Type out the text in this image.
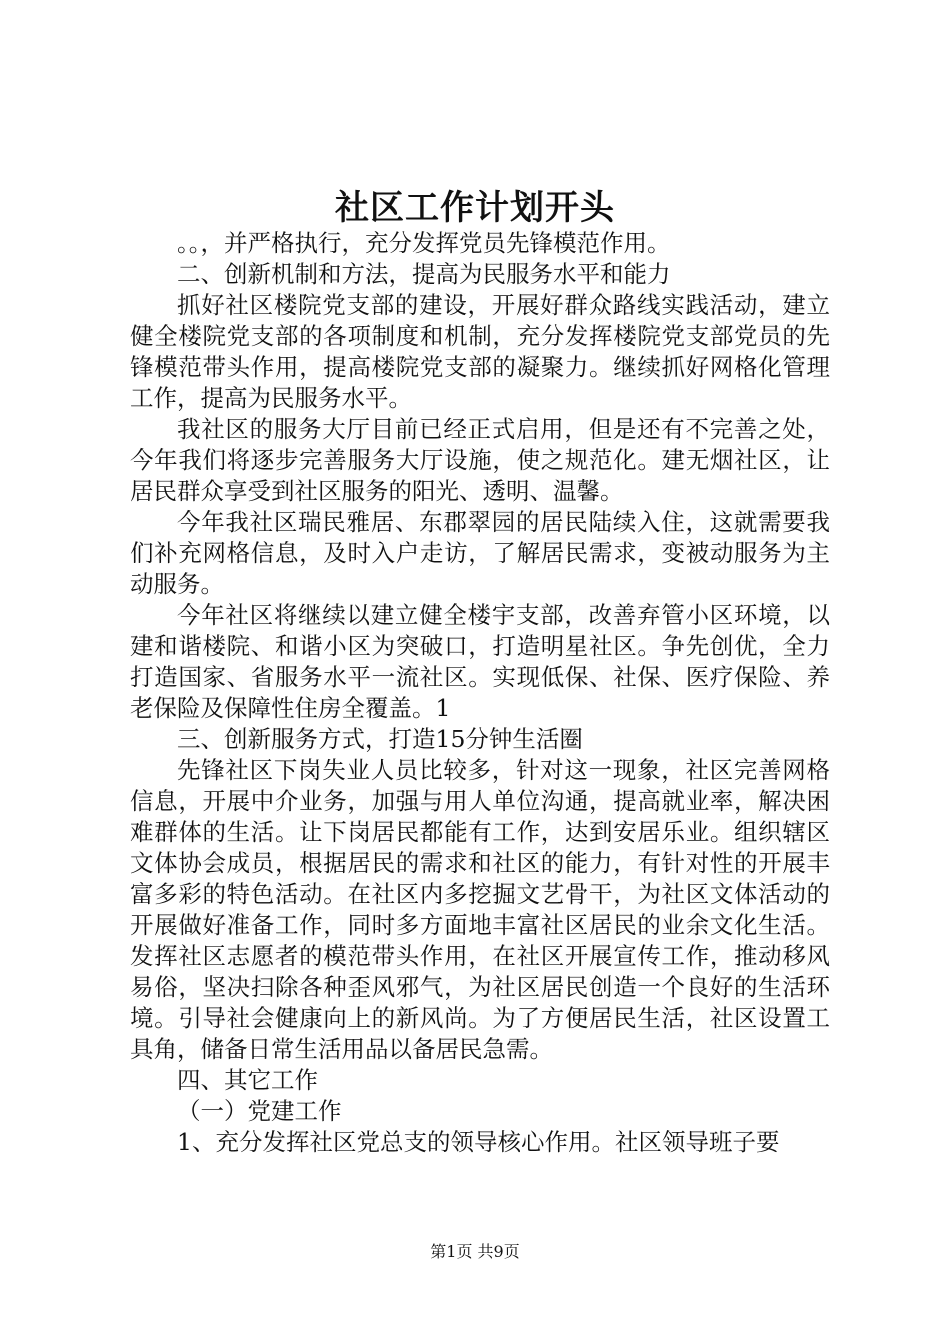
社区工作计划开头

。。，并严格执行，充分发挥党员先锋模范作用。

二、创新机制和方法，提高为民服务水平和能力

抓好社区楼院党支部的建设，开展好群众路线实践活动，建立健全楼院党支部的各项制度和机制，充分发挥楼院党支部党员的先锋模范带头作用，提高楼院党支部的凝聚力。继续抓好网格化管理工作，提高为民服务水平。

我社区的服务大厅目前已经正式启用，但是还有不完善之处，今年我们将逐步完善服务大厅设施，使之规范化。建无烟社区，让居民群众享受到社区服务的阳光、透明、温馨。

今年我社区瑞民雅居、东郡翠园的居民陆续入住，这就需要我们补充网格信息，及时入户走访，了解居民需求，变被动服务为主动服务。

今年社区将继续以建立健全楼宇支部，改善弃管小区环境，以建和谐楼院、和谐小区为突破口，打造明星社区。争先创优，全力打造国家、省服务水平一流社区。实现低保、社保、医疗保险、养老保险及保障性住房全覆盖。1

三、创新服务方式，打造15分钟生活圈

先锋社区下岗失业人员比较多，针对这一现象，社区完善网格信息，开展中介业务，加强与用人单位沟通，提高就业率，解决困难群体的生活。让下岗居民都能有工作，达到安居乐业。组织辖区文体协会成员，根据居民的需求和社区的能力，有针对性的开展丰富多彩的特色活动。在社区内多挖掘文艺骨干，为社区文体活动的开展做好准备工作，同时多方面地丰富社区居民的业余文化生活。发挥社区志愿者的模范带头作用，在社区开展宣传工作，推动移风易俗，坚决扫除各种歪风邪气，为社区居民创造一个良好的生活环境。引导社会健康向上的新风尚。为了方便居民生活，社区设置工具角，储备日常生活用品以备居民急需。

四、其它工作

（一）党建工作

1、充分发挥社区党总支的领导核心作用。社区领导班子要

第1页 共9页
